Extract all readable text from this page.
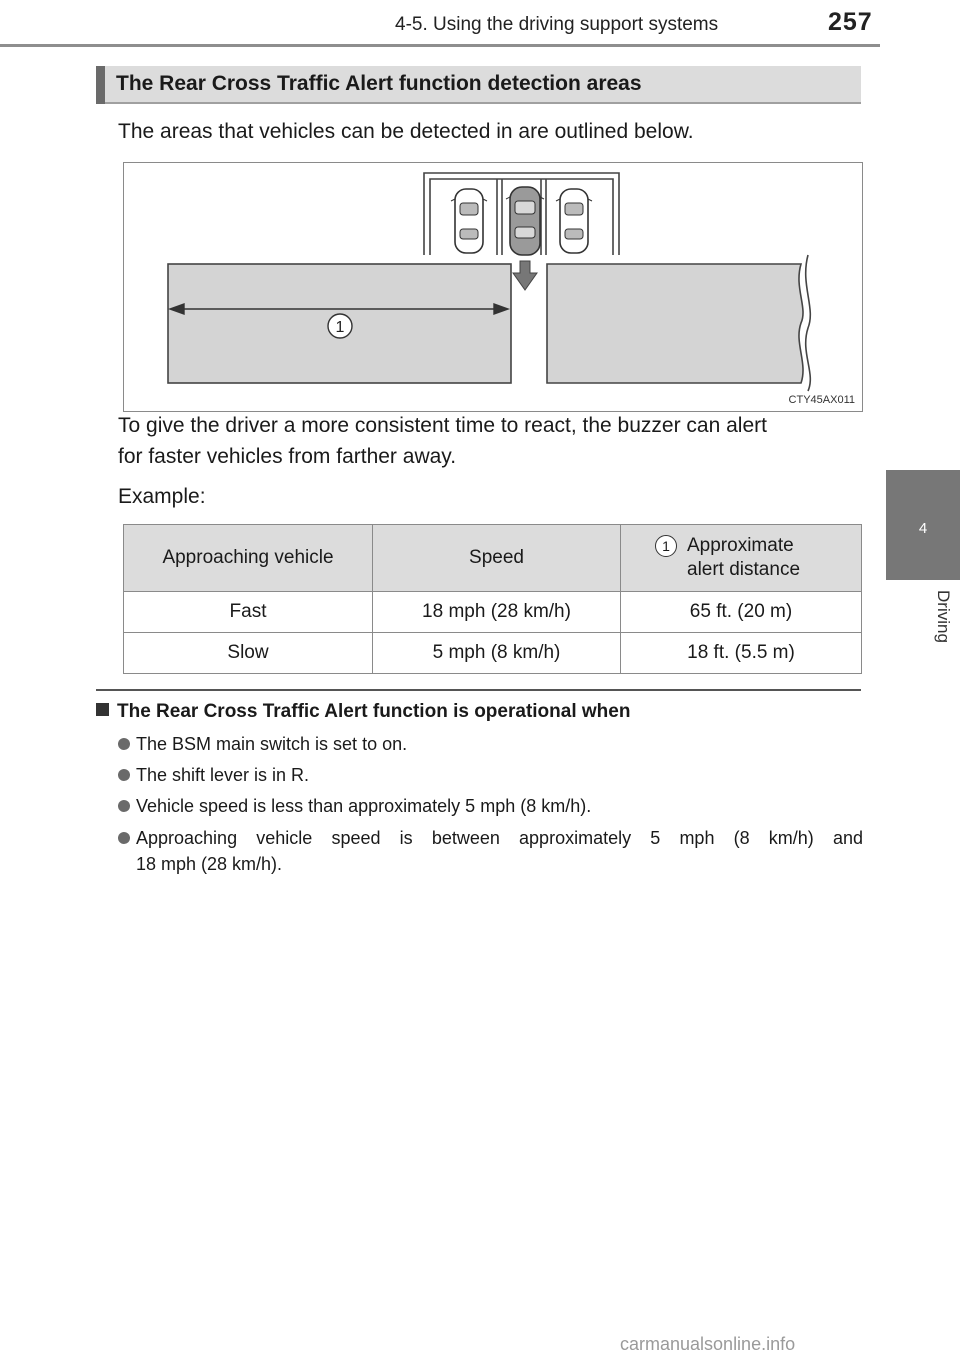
4-5. Using the driving support systems	257
4
Driving
The Rear Cross Traffic Alert function detection areas
The areas that vehicles can be detected in are outlined below.
1
CTY45AX011
To give the driver a more consistent time to react, the buzzer can alert
for faster vehicles from farther away.
Example:
Approaching vehicle	Speed	1 Approximate
alert distance
Fast	18 mph (28 km/h)	65 ft. (20 m)
Slow	5 mph (8 km/h)	18 ft. (5.5 m)
The Rear Cross Traffic Alert function is operational when
The BSM main switch is set to on.
The shift lever is in R.
Vehicle speed is less than approximately 5 mph (8 km/h).
Approaching vehicle speed is between approximately 5 mph (8 km/h) and
18 mph (28 km/h).
carmanualsonline.info
